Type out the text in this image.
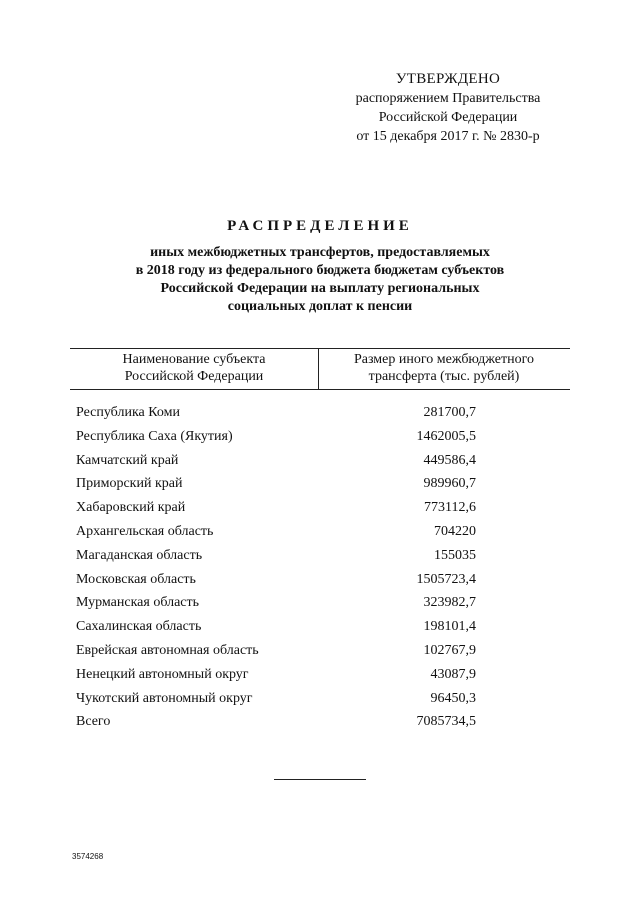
УТВЕРЖДЕНО
распоряжением Правительства
Российской Федерации
от 15 декабря 2017 г. № 2830-р
РАСПРЕДЕЛЕНИЕ
иных межбюджетных трансфертов, предоставляемых
в 2018 году из федерального бюджета бюджетам субъектов
Российской Федерации на выплату региональных
социальных доплат к пенсии
Наименование субъекта
Российской Федерации
Размер иного межбюджетного
трансферта (тыс. рублей)
Республика Коми	281700,7
Республика Саха (Якутия)	1462005,5
Камчатский край	449586,4
Приморский край	989960,7
Хабаровский край	773112,6
Архангельская область	704220
Магаданская область	155035
Московская область	1505723,4
Мурманская область	323982,7
Сахалинская область	198101,4
Еврейская автономная область	102767,9
Ненецкий автономный округ	43087,9
Чукотский автономный округ	96450,3
Всего	7085734,5
3574268
